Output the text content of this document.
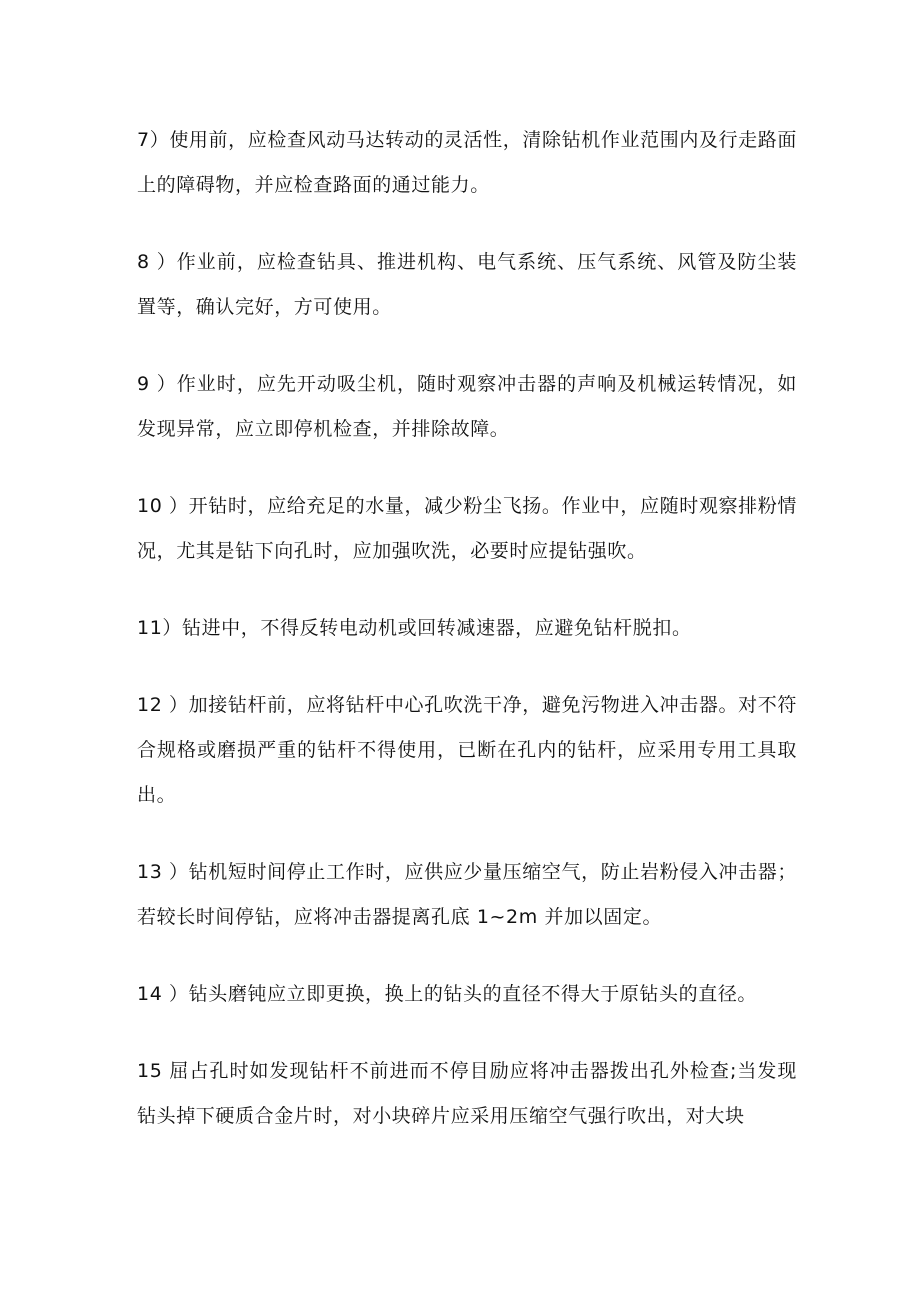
7）使用前，应检查风动马达转动的灵活性，清除钻机作业范围内及行走路面上的障碍物，并应检查路面的通过能力。

8 ）作业前，应检查钻具、推进机构、电气系统、压气系统、风管及防尘装置等，确认完好，方可使用。

9 ）作业时，应先开动吸尘机，随时观察冲击器的声响及机械运转情况，如发现异常，应立即停机检查，并排除故障。

10 ）开钻时，应给充足的水量，减少粉尘飞扬。作业中，应随时观察排粉情况，尤其是钻下向孔时，应加强吹洗，必要时应提钻强吹。

11）钻进中，不得反转电动机或回转减速器，应避免钻杆脱扣。

12 ）加接钻杆前，应将钻杆中心孔吹洗干净，避免污物进入冲击器。对不符合规格或磨损严重的钻杆不得使用，已断在孔内的钻杆，应采用专用工具取出。

13 ）钻机短时间停止工作时，应供应少量压缩空气，防止岩粉侵入冲击器；若较长时间停钻，应将冲击器提离孔底 1~2m 并加以固定。

14 ）钻头磨钝应立即更换，换上的钻头的直径不得大于原钻头的直径。

15 屈占孔时如发现钻杆不前进而不停目励应将冲击器拨出孔外检查;当发现钻头掉下硬质合金片时，对小块碎片应采用压缩空气强行吹出，对大块
